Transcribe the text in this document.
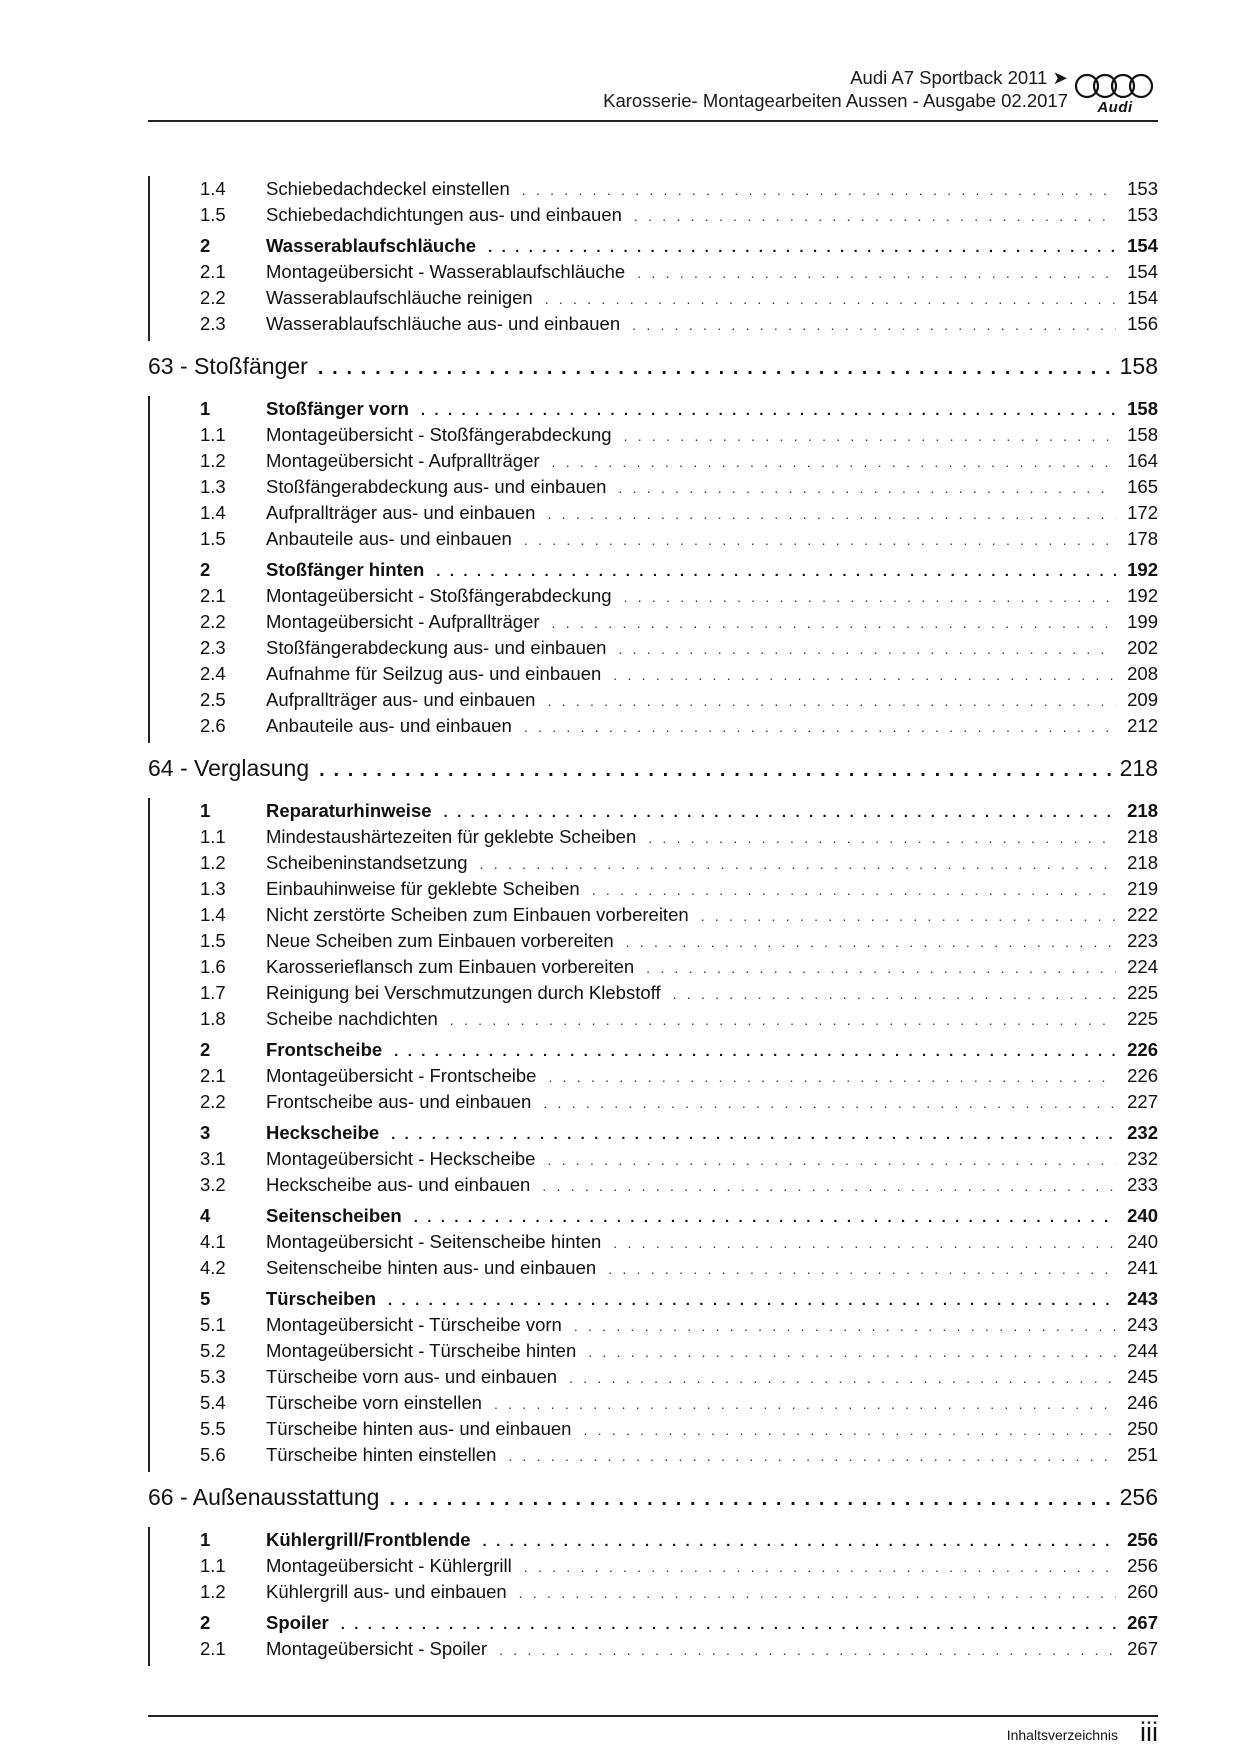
Audi A7 Sportback 2011 ➤
Karosserie- Montagearbeiten Aussen - Ausgabe 02.2017	Audi
1.4	Schiebedachdeckel einstellen . . .	153
1.5	Schiebedachdichtungen aus- und einbauen . . .	153
2	Wasserablaufschläuche . . .	154
2.1	Montageübersicht - Wasserablaufschläuche . . .	154
2.2	Wasserablaufschläuche reinigen . . .	154
2.3	Wasserablaufschläuche aus- und einbauen . . .	156
63 - Stoßfänger . . .	158
1	Stoßfänger vorn . . .	158
1.1	Montageübersicht - Stoßfängerabdeckung . . .	158
1.2	Montageübersicht - Aufprallträger . . .	164
1.3	Stoßfängerabdeckung aus- und einbauen . . .	165
1.4	Aufprallträger aus- und einbauen . . .	172
1.5	Anbauteile aus- und einbauen . . .	178
2	Stoßfänger hinten . . .	192
2.1	Montageübersicht - Stoßfängerabdeckung . . .	192
2.2	Montageübersicht - Aufprallträger . . .	199
2.3	Stoßfängerabdeckung aus- und einbauen . . .	202
2.4	Aufnahme für Seilzug aus- und einbauen . . .	208
2.5	Aufprallträger aus- und einbauen . . .	209
2.6	Anbauteile aus- und einbauen . . .	212
64 - Verglasung . . .	218
1	Reparaturhinweise . . .	218
1.1	Mindestaushärtezeiten für geklebte Scheiben . . .	218
1.2	Scheibeninstandsetzung . . .	218
1.3	Einbauhinweise für geklebte Scheiben . . .	219
1.4	Nicht zerstörte Scheiben zum Einbauen vorbereiten . . .	222
1.5	Neue Scheiben zum Einbauen vorbereiten . . .	223
1.6	Karosserieflansch zum Einbauen vorbereiten . . .	224
1.7	Reinigung bei Verschmutzungen durch Klebstoff . . .	225
1.8	Scheibe nachdichten . . .	225
2	Frontscheibe . . .	226
2.1	Montageübersicht - Frontscheibe . . .	226
2.2	Frontscheibe aus- und einbauen . . .	227
3	Heckscheibe . . .	232
3.1	Montageübersicht - Heckscheibe . . .	232
3.2	Heckscheibe aus- und einbauen . . .	233
4	Seitenscheiben . . .	240
4.1	Montageübersicht - Seitenscheibe hinten . . .	240
4.2	Seitenscheibe hinten aus- und einbauen . . .	241
5	Türscheiben . . .	243
5.1	Montageübersicht - Türscheibe vorn . . .	243
5.2	Montageübersicht - Türscheibe hinten . . .	244
5.3	Türscheibe vorn aus- und einbauen . . .	245
5.4	Türscheibe vorn einstellen . . .	246
5.5	Türscheibe hinten aus- und einbauen . . .	250
5.6	Türscheibe hinten einstellen . . .	251
66 - Außenausstattung . . .	256
1	Kühlergrill/Frontblende . . .	256
1.1	Montageübersicht - Kühlergrill . . .	256
1.2	Kühlergrill aus- und einbauen . . .	260
2	Spoiler . . .	267
2.1	Montageübersicht - Spoiler . . .	267
Inhaltsverzeichnis iii
